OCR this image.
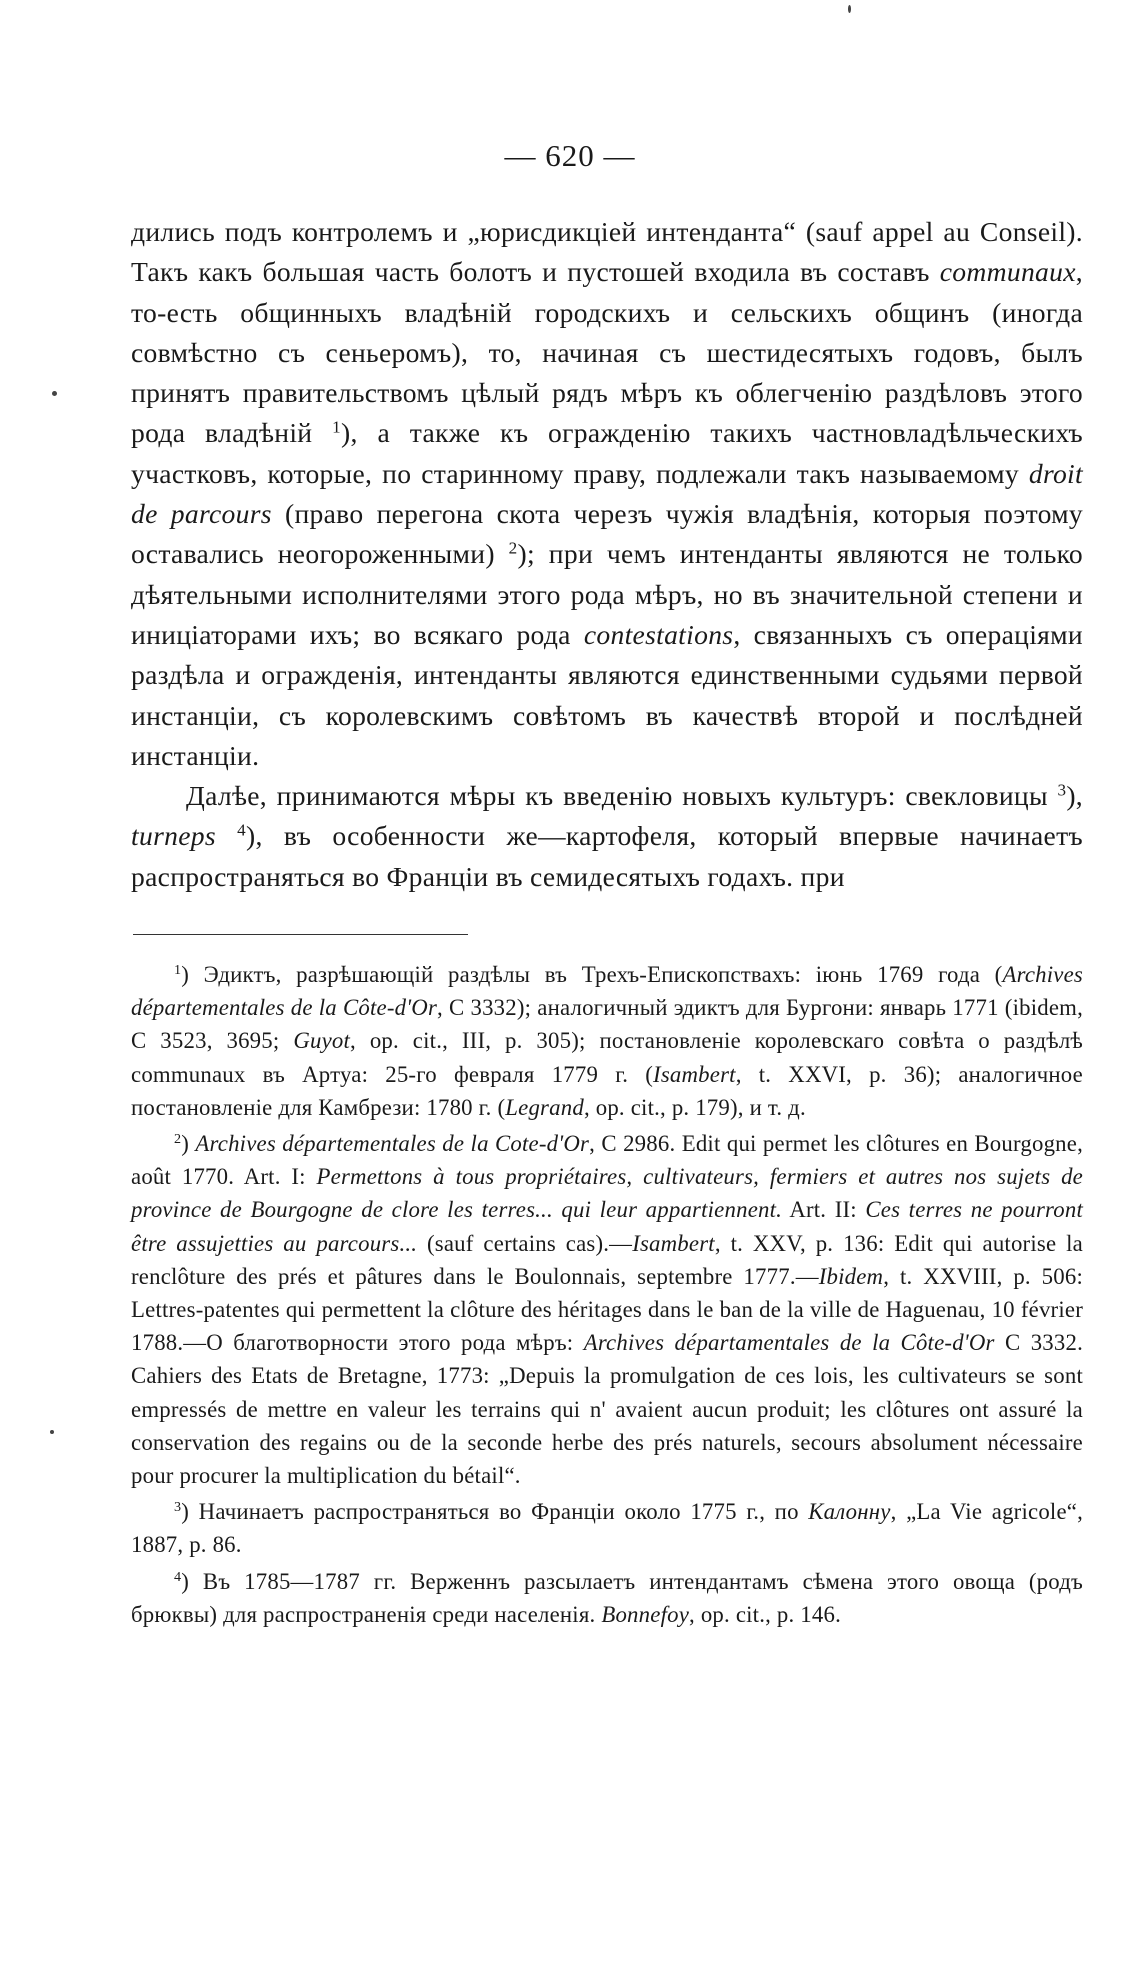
— 620 —

дились подъ контролемъ и „юрисдикціей интенданта“ (sauf appel au Conseil). Такъ какъ большая часть болотъ и пустошей входила въ составъ communaux, то-есть общинныхъ владѣній городскихъ и сельскихъ общинъ (иногда совмѣстно съ сеньеромъ), то, начиная съ шестидесятыхъ годовъ, былъ принятъ правительствомъ цѣлый рядъ мѣръ къ облегченію раздѣловъ этого рода владѣній $^1$), а также къ огражденію такихъ частновладѣльческихъ участковъ, которые, по старинному праву, подлежали такъ называемому droit de parcours (право перегона скота черезъ чужія владѣнія, которыя поэтому оставались неогороженными) $^2$); при чемъ интенданты являются не только дѣятельными исполнителями этого рода мѣръ, но въ значительной степени и иниціаторами ихъ; во всякаго рода contestations, связанныхъ съ операціями раздѣла и огражденія, интенданты являются единственными судьями первой инстанціи, съ королевскимъ совѣтомъ въ качествѣ второй и послѣдней инстанціи.

Далѣе, принимаются мѣры къ введенію новыхъ культуръ: свекловицы $^3$), turneps $^4$), въ особенности же—картофеля, который впервые начинаетъ распространяться во Франціи въ семидесятыхъ годахъ. при

$^1$) Эдиктъ, разрѣшающій раздѣлы въ Трехъ-Епископствахъ: іюнь 1769 года (Archives départementales de la Côte-d'Or, C 3332); аналогичный эдиктъ для Бургони: январь 1771 (ibidem, C 3523, 3695; Guyot, op. cit., III, p. 305); постановленіе королевскаго совѣта о раздѣлѣ communaux въ Артуа: 25-го февраля 1779 г. (Isambert, t. XXVI, p. 36); аналогичное постановленіе для Камбрези: 1780 г. (Legrand, op. cit., p. 179), и т. д.

$^2$) Archives départementales de la Cote-d'Or, C 2986. Edit qui permet les clôtures en Bourgogne, août 1770. Art. I: Permettons à tous propriétaires, cultivateurs, fermiers et autres nos sujets de province de Bourgogne de clore les terres... qui leur appartiennent. Art. II: Ces terres ne pourront être assujetties au parcours... (sauf certains cas).—Isambert, t. XXV, p. 136: Edit qui autorise la renclôture des prés et pâtures dans le Boulonnais, septembre 1777.—Ibidem, t. XXVIII, p. 506: Lettres-patentes qui permettent la clôture des héritages dans le ban de la ville de Haguenau, 10 février 1788.—O благотворности этого рода мѣръ: Archives départamentales de la Côte-d'Or C 3332. Cahiers des Etats de Bretagne, 1773: „Depuis la promulgation de ces lois, les cultivateurs se sont empressés de mettre en valeur les terrains qui n' avaient aucun produit; les clôtures ont assuré la conservation des regains ou de la seconde herbe des prés naturels, secours absolument nécessaire pour procurer la multiplication du bétail“.

$^3$) Начинаетъ распространяться во Франціи около 1775 г., по Калонну, „La Vie agricole“, 1887, p. 86.

$^4$) Въ 1785—1787 гг. Верженнъ разсылаетъ интендантамъ сѣмена этого овоща (родъ брюквы) для распространенія среди населенія. Bonnefoy, op. cit., p. 146.
